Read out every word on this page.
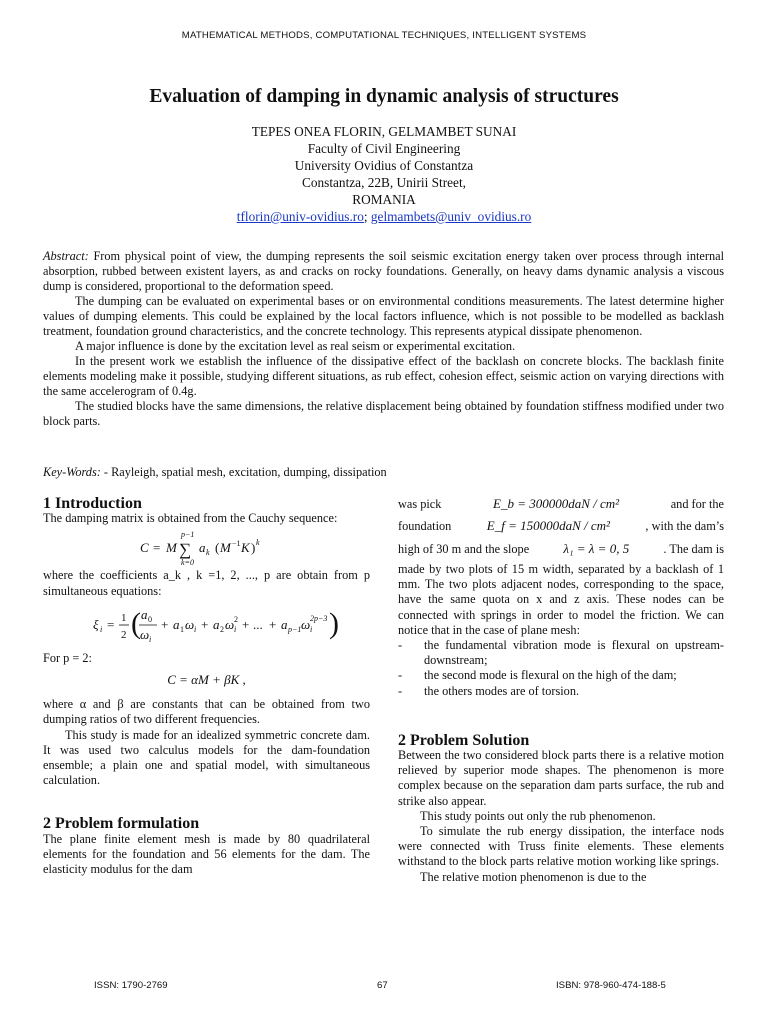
MATHEMATICAL METHODS, COMPUTATIONAL TECHNIQUES, INTELLIGENT SYSTEMS
Evaluation of damping in dynamic analysis of structures
TEPES ONEA FLORIN, GELMAMBET SUNAI
Faculty of Civil Engineering
University Ovidius of Constantza
Constantza, 22B, Unirii Street,
ROMANIA
tflorin@univ-ovidius.ro; gelmambets@univ_ovidius.ro

Abstract: From physical point of view, the dumping represents the soil seismic excitation energy taken over process through internal absorption, rubbed between existent layers, as and cracks on rocky foundations. Generally, on heavy dams dynamic analysis a viscous dump is considered, proportional to the deformation speed.

The dumping can be evaluated on experimental bases or on environmental conditions measurements. The latest determine higher values of dumping elements. This could be explained by the local factors influence, which is not possible to be modelled as backlash treatment, foundation ground characteristics, and the concrete technology. This represents atypical dissipate phenomenon.

A major influence is done by the excitation level as real seism or experimental excitation.

In the present work we establish the influence of the dissipative effect of the backlash on concrete blocks. The backlash finite elements modeling make it possible, studying different situations, as rub effect, cohesion effect, seismic action on varying directions with the same accelerogram of 0.4g.

The studied blocks have the same dimensions, the relative displacement being obtained by foundation stiffness modified under two block parts.

Key-Words: - Rayleigh, spatial mesh, excitation, dumping, dissipation
1 Introduction

The damping matrix is obtained from the Cauchy sequence:

C = M
p−1
∑
k=0
a k ( M −1 K ) k

where the coefficients a_k , k =1, 2, ..., p are obtain from p simultaneous equations:

ξ i = 1
2 ( a 0
ω i
+ a 1 ω i + a 2 ω i
2 + ... + a p−1 ω i
2p−3 )

For p = 2:

C = αM + βK ,

where α and β are constants that can be obtained from two dumping ratios of two different frequencies.

This study is made for an idealized symmetric concrete dam. It was used two calculus models for the dam-foundation ensemble; a plain one and spatial model, with simultaneous calculation.

2 Problem formulation

The plane finite element mesh is made by 80 quadrilateral elements for the foundation and 56 elements for the dam. The elasticity modulus for the dam

was pick	E_b = 300000daN / cm²	and for the
foundation	E_f = 150000daN / cm²	, with the dam’s
high of 30 m and the slope	λ₁ = λ = 0, 5	. The dam is

made by two plots of 15 m width, separated by a backlash of 1 mm. The two plots adjacent nodes, corresponding to the space, have the same quota on x and z axis. These nodes can be connected with springs in order to model the friction. We can notice that in the case of plane mesh:

- the fundamental vibration mode is flexural on upstream-downstream;
- the second mode is flexural on the high of the dam;
- the others modes are of torsion.
2 Problem Solution

Between the two considered block parts there is a relative motion relieved by superior mode shapes. The phenomenon is more complex because on the separation dam parts surface, the rub and strike also appear.

This study points out only the rub phenomenon.

To simulate the rub energy dissipation, the interface nods were connected with Truss finite elements. These elements withstand to the block parts relative motion working like springs.

The relative motion phenomenon is due to the

ISSN: 1790-2769	67	ISBN: 978-960-474-188-5
